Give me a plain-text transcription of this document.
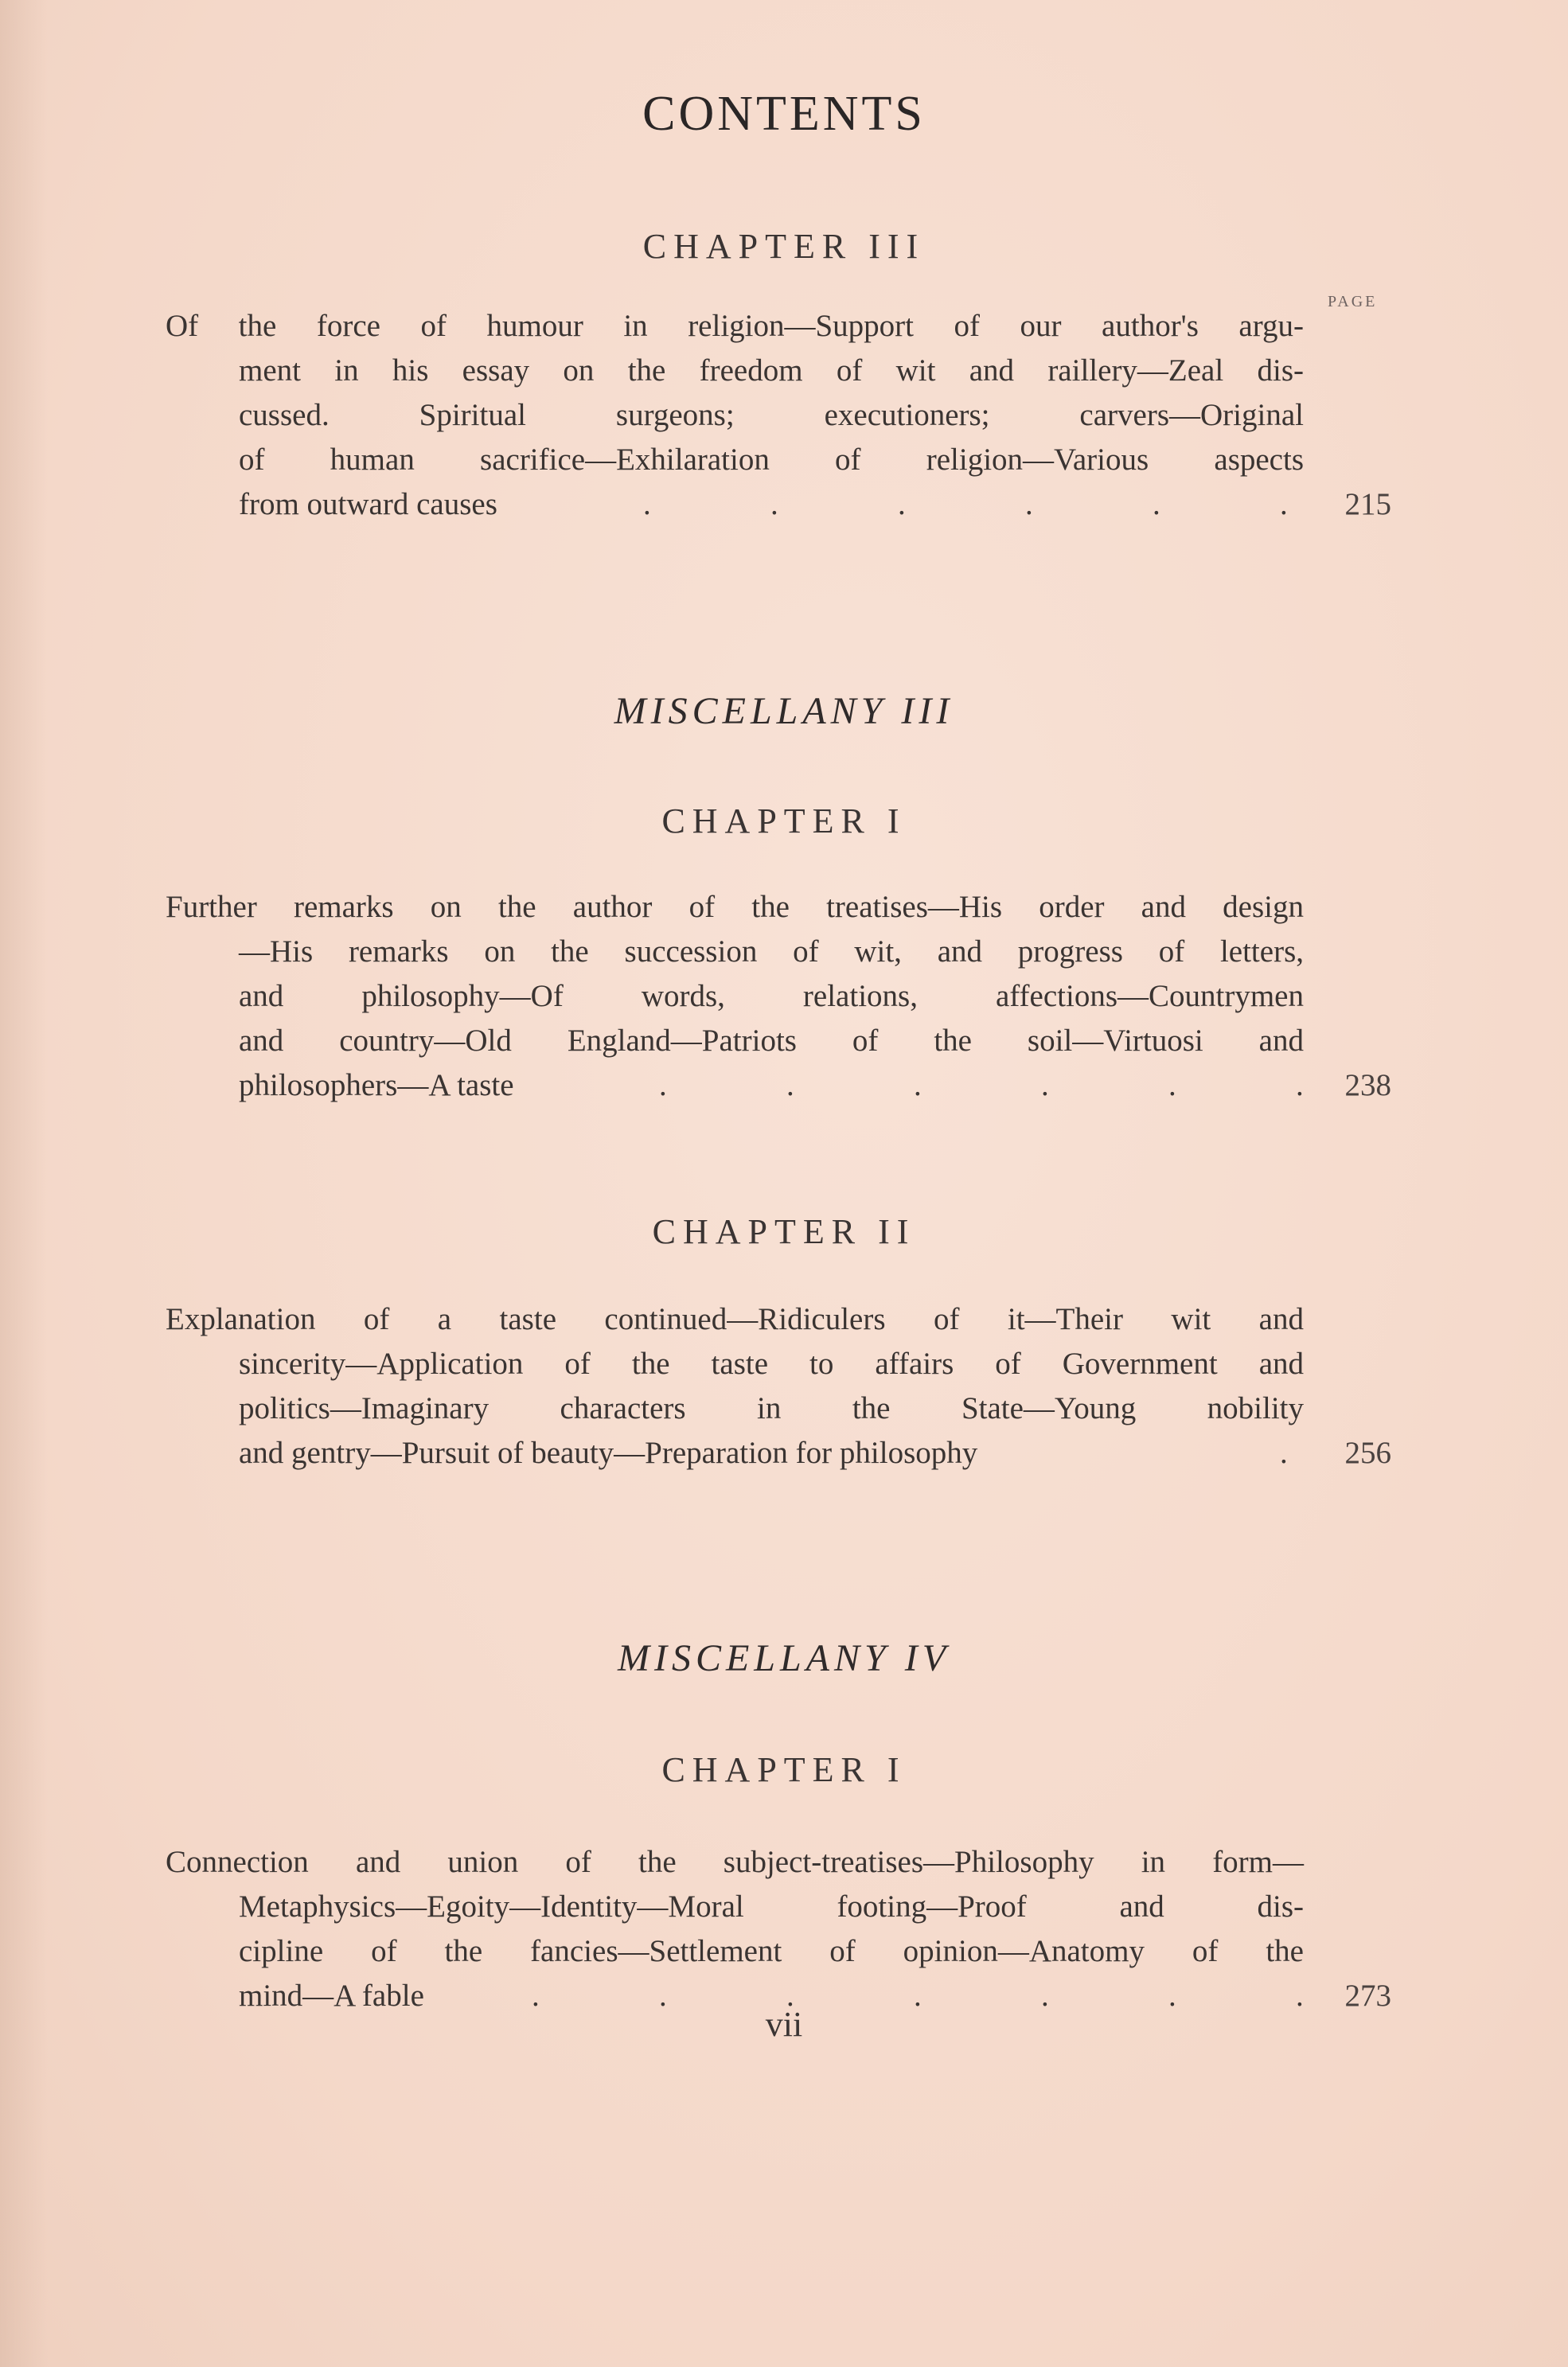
CONTENTS
PAGE
CHAPTER III
Of the force of humour in religion—Support of our author's argu-
ment in his essay on the freedom of wit and raillery—Zeal dis-
cussed. Spiritual surgeons; executioners; carvers—Original
of human sacrifice—Exhilaration of religion—Various aspects
from outward causes	.	.	.	.	.	. 215
MISCELLANY III
CHAPTER I
Further remarks on the author of the treatises—His order and design
—His remarks on the succession of wit, and progress of letters,
and philosophy—Of words, relations, affections—Countrymen
and country—Old England—Patriots of the soil—Virtuosi and
philosophers—A taste	.	.	.	.	.	. 238
CHAPTER II
Explanation of a taste continued—Ridiculers of it—Their wit and
sincerity—Application of the taste to affairs of Government and
politics—Imaginary characters in the State—Young nobility
and gentry—Pursuit of beauty—Preparation for philosophy	. 256
MISCELLANY IV
CHAPTER I
Connection and union of the subject-treatises—Philosophy in form—
Metaphysics—Egoity—Identity—Moral footing—Proof and dis-
cipline of the fancies—Settlement of opinion—Anatomy of the
mind—A fable	.	.	.	.	.	.	. 273
vii
